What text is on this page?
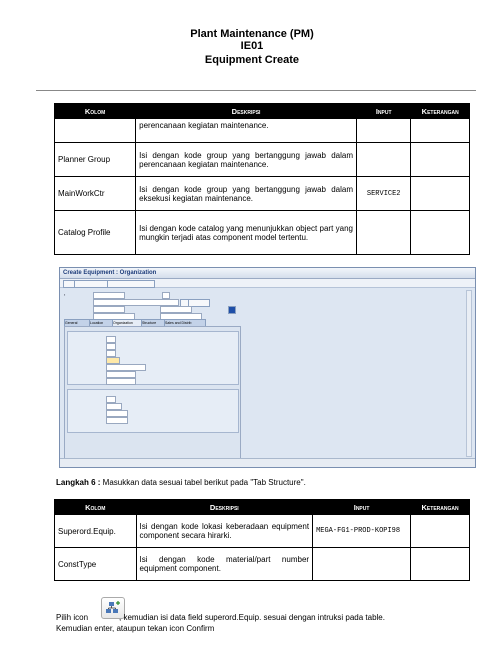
Plant Maintenance (PM)
IE01
Equipment Create
Kolom	Deskripsi	Input	Keterangan
	perencanaan kegiatan maintenance.		
Planner Group	Isi dengan kode group yang bertanggung jawab dalam perencanaan kegiatan maintenance.		
MainWorkCtr	Isi dengan kode group yang bertanggung jawab dalam eksekusi kegiatan maintenance.	SERVICE2	
Catalog Profile	Isi dengan kode catalog yang menunjukkan object part yang mungkin terjadi atas component model tertentu.		
Create Equipment : Organization
▪
General	Location	Organization	Structure	Sales and Distrib
Langkah 6 : Masukkan data sesuai tabel berikut pada "Tab Structure".
Kolom	Deskripsi	Input	Keterangan
Superord.Equip.	Isi dengan kode lokasi keberadaan equipment component secara hirarki.	MEGA-FG1-PROD-KOPI98	
ConstType	Isi dengan kode material/part number equipment component.		
Pilih icon	, kemudian isi data field superord.Equip. sesuai dengan intruksi pada table.
Kemudian enter, ataupun tekan icon Confirm
